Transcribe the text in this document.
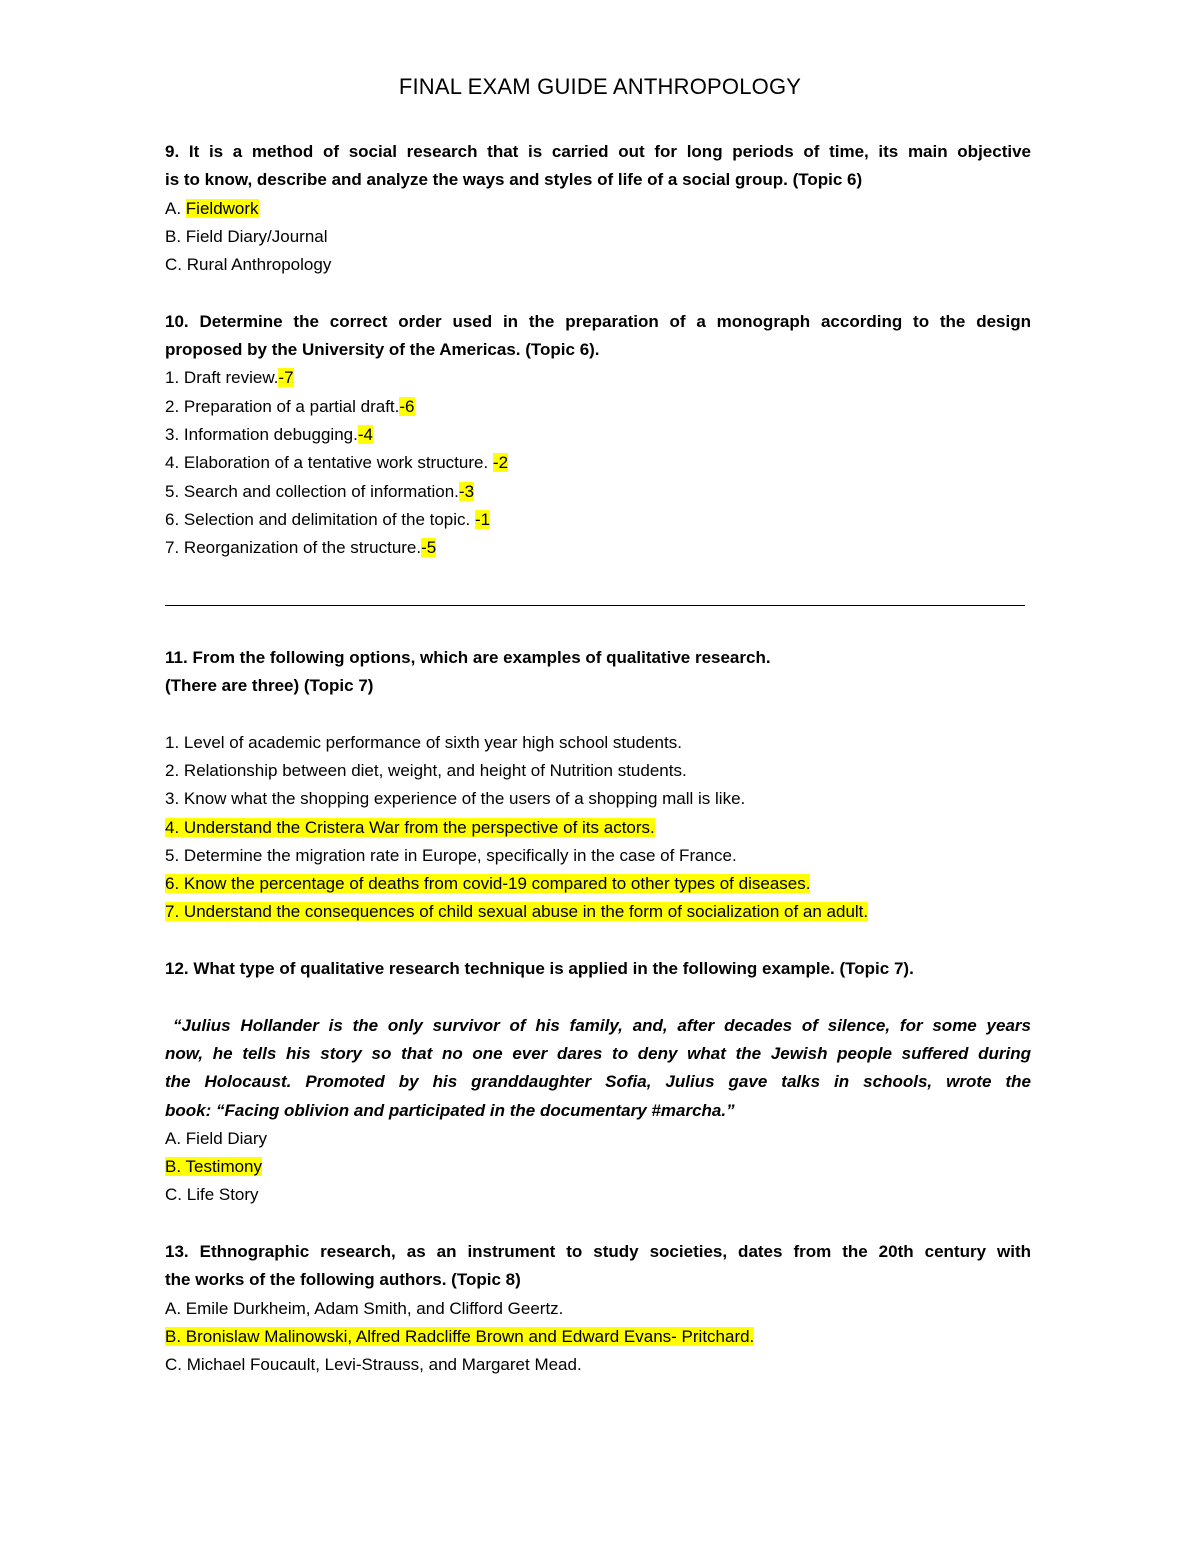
FINAL EXAM GUIDE ANTHROPOLOGY
9. It is a method of social research that is carried out for long periods of time, its main objective
is to know, describe and analyze the ways and styles of life of a social group. (Topic 6)
A. Fieldwork
B. Field Diary/Journal
C. Rural Anthropology
10. Determine the correct order used in the preparation of a monograph according to the design
proposed by the University of the Americas. (Topic 6).
1. Draft review.-7
2. Preparation of a partial draft.-6
3. Information debugging.-4
4. Elaboration of a tentative work structure. -2
5. Search and collection of information.-3
6. Selection and delimitation of the topic. -1
7. Reorganization of the structure.-5
11. From the following options, which are examples of qualitative research.
(There are three) (Topic 7)
1. Level of academic performance of sixth year high school students.
2. Relationship between diet, weight, and height of Nutrition students.
3. Know what the shopping experience of the users of a shopping mall is like.
4. Understand the Cristera War from the perspective of its actors.
5. Determine the migration rate in Europe, specifically in the case of France.
6. Know the percentage of deaths from covid-19 compared to other types of diseases.
7. Understand the consequences of child sexual abuse in the form of socialization of an adult.
12. What type of qualitative research technique is applied in the following example. (Topic 7).
“Julius Hollander is the only survivor of his family, and, after decades of silence, for some years
now, he tells his story so that no one ever dares to deny what the Jewish people suffered during
the Holocaust. Promoted by his granddaughter Sofia, Julius gave talks in schools, wrote the
book: “Facing oblivion and participated in the documentary #marcha.”
A. Field Diary
B. Testimony
C. Life Story
13. Ethnographic research, as an instrument to study societies, dates from the 20th century with
the works of the following authors. (Topic 8)
A. Emile Durkheim, Adam Smith, and Clifford Geertz.
B. Bronislaw Malinowski, Alfred Radcliffe Brown and Edward Evans- Pritchard.
C. Michael Foucault, Levi-Strauss, and Margaret Mead.
